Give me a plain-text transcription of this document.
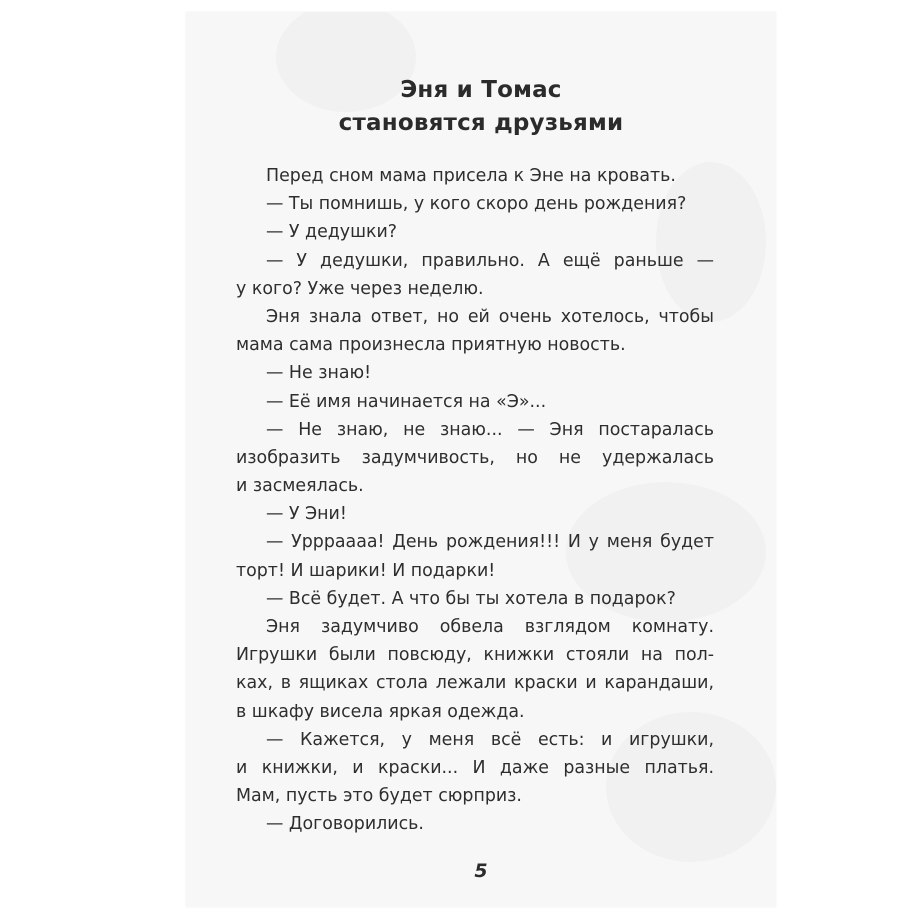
Эня и Томас
становятся друзьями
Перед сном мама присела к Эне на кровать.
— Ты помнишь, у кого скоро день рождения?
— У дедушки?
— У дедушки, правильно. А ещё раньше —
у кого? Уже через неделю.
Эня знала ответ, но ей очень хотелось, чтобы
мама сама произнесла приятную новость.
— Не знаю!
— Её имя начинается на «Э»...
— Не знаю, не знаю... — Эня постаралась
изобразить задумчивость, но не удержалась
и засмеялась.
— У Эни!
— Урррааaa! День рождения!!! И у меня будет
торт! И шарики! И подарки!
— Всё будет. А что бы ты хотела в подарок?
Эня задумчиво обвела взглядом комнату.
Игрушки были повсюду, книжки стояли на пол-
ках, в ящиках стола лежали краски и карандаши,
в шкафу висела яркая одежда.
— Кажется, у меня всё есть: и игрушки,
и книжки, и краски... И даже разные платья.
Мам, пусть это будет сюрприз.
— Договорились.
5
